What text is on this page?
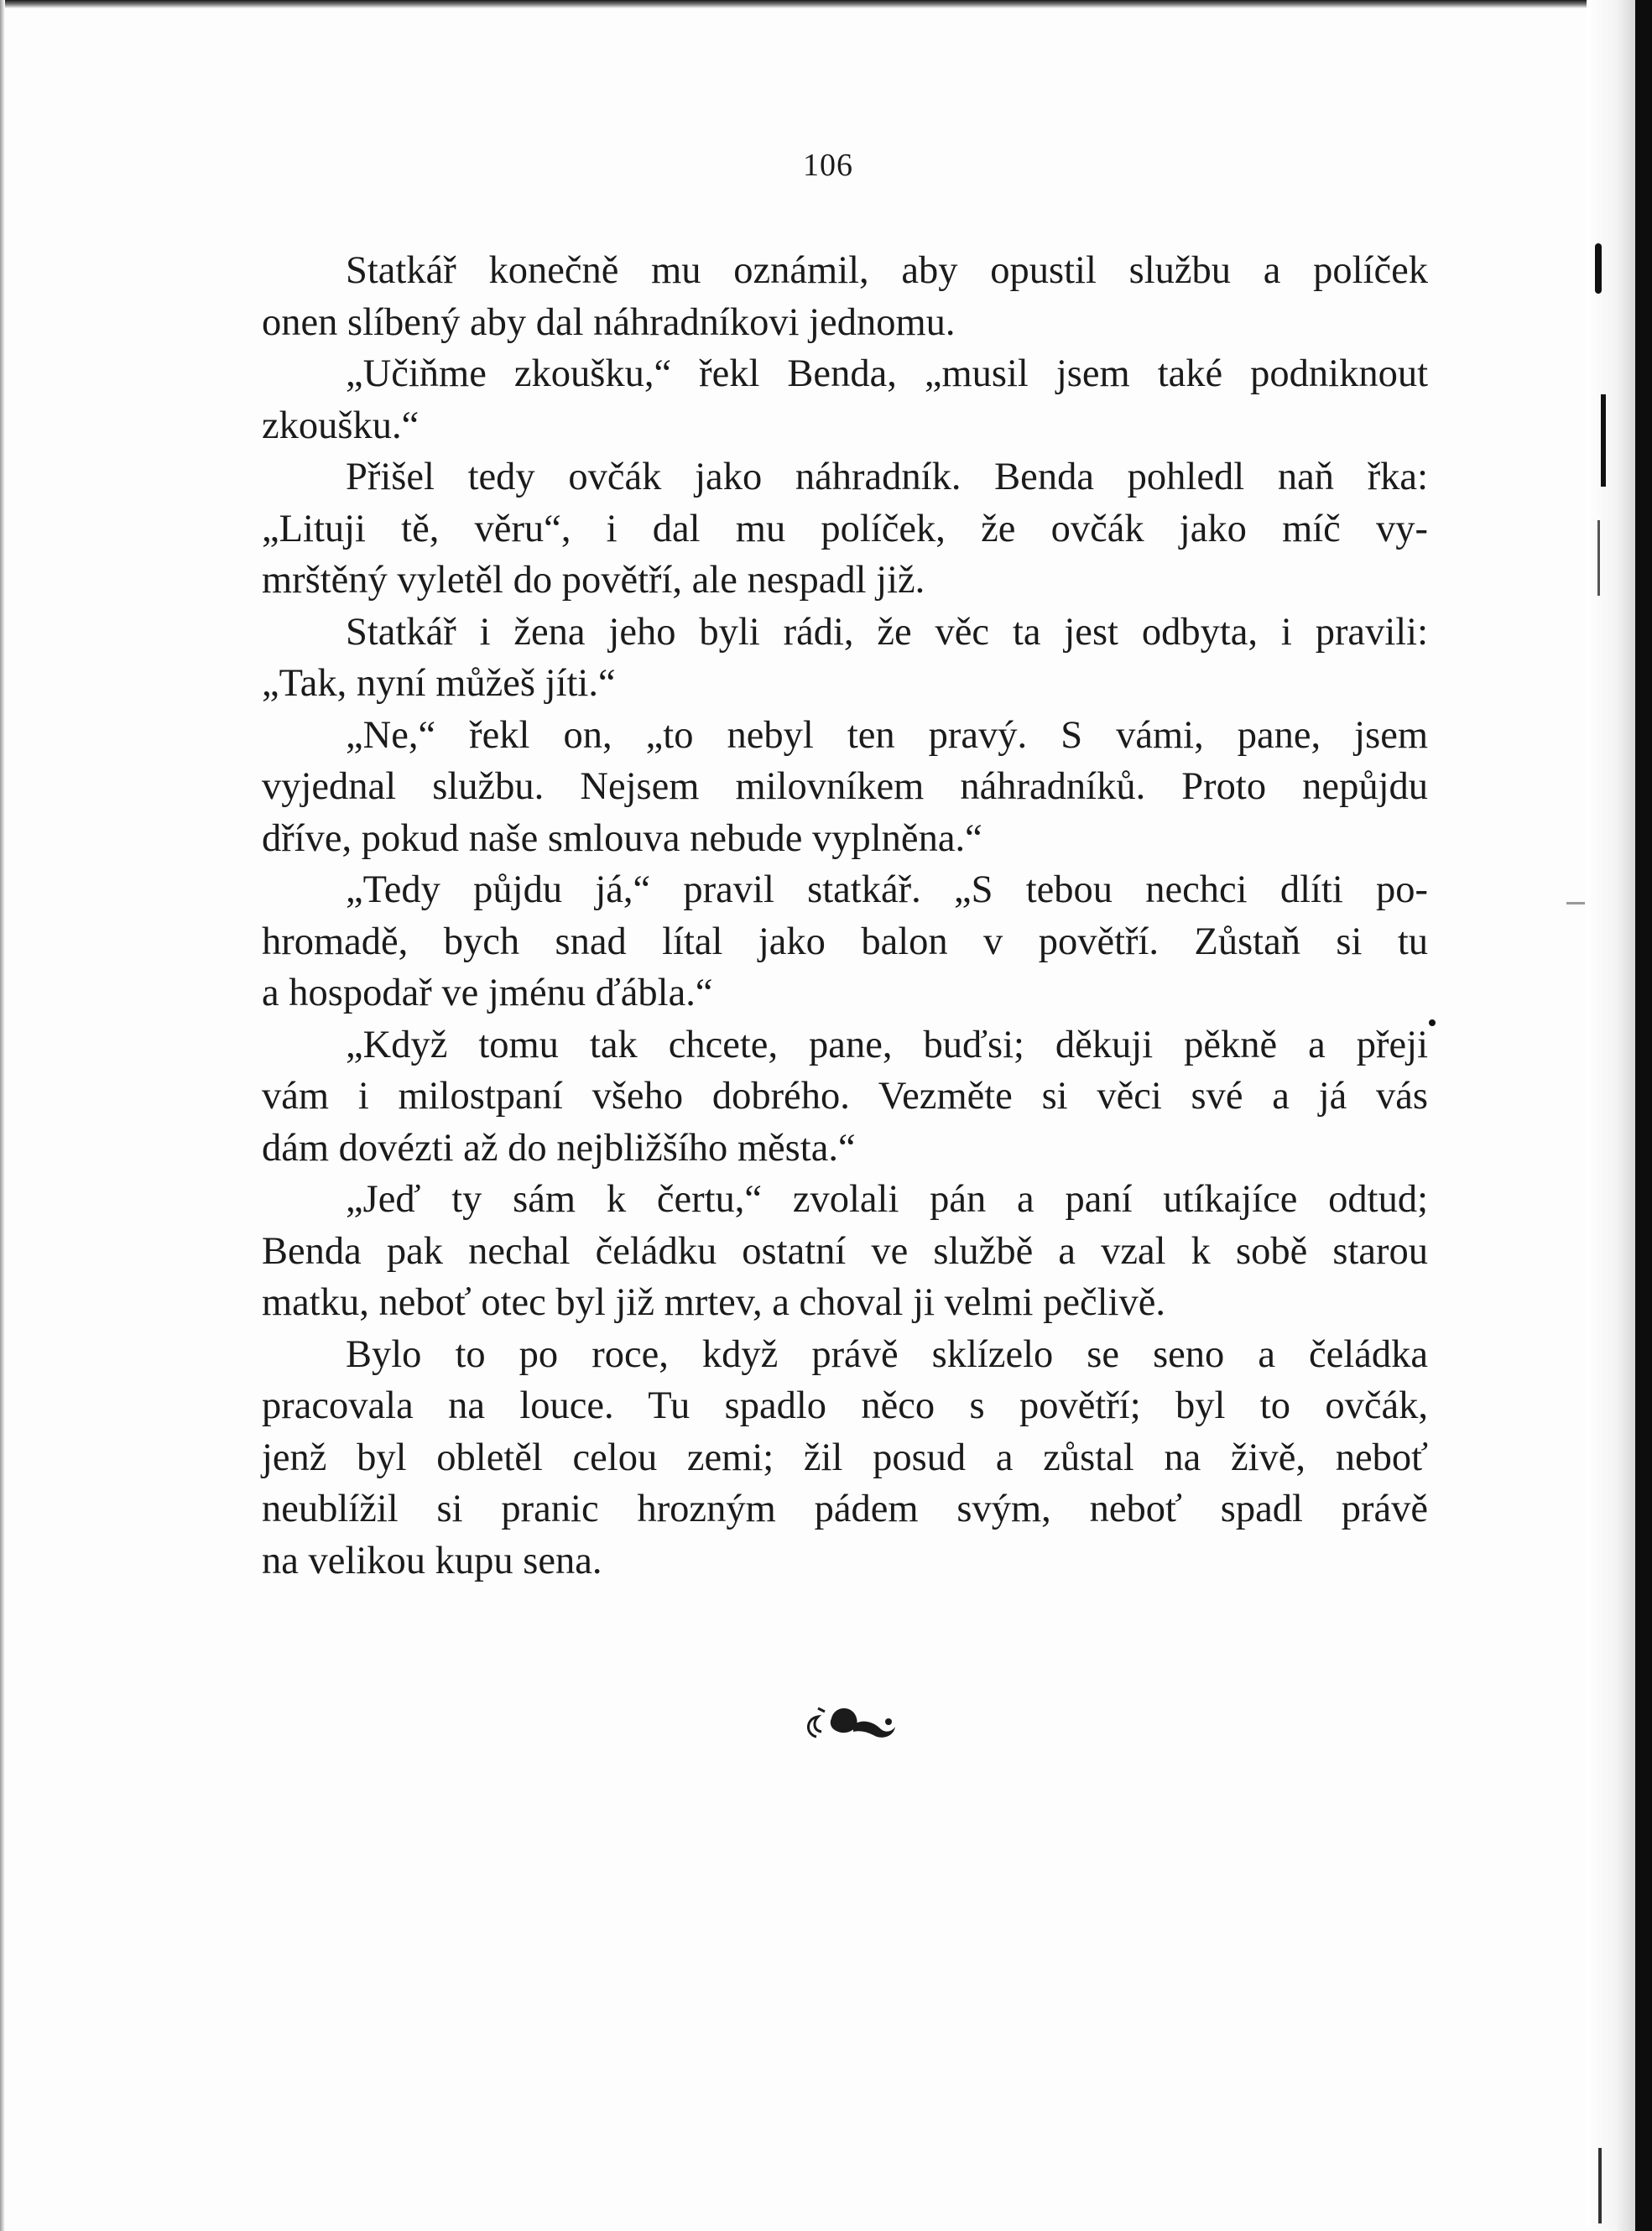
106
Statkář konečně mu oznámil, aby opustil službu a políček
onen slíbený aby dal náhradníkovi jednomu.
„Učiňme zkoušku,“ řekl Benda, „musil jsem také podniknout
zkoušku.“
Přišel tedy ovčák jako náhradník. Benda pohledl naň řka:
„Lituji tě, věru“, i dal mu políček, že ovčák jako míč vy-
mrštěný vyletěl do povětří, ale nespadl již.
Statkář i žena jeho byli rádi, že věc ta jest odbyta, i pravili:
„Tak, nyní můžeš jíti.“
„Ne,“ řekl on, „to nebyl ten pravý. S vámi, pane, jsem
vyjednal službu. Nejsem milovníkem náhradníků. Proto nepůjdu
dříve, pokud naše smlouva nebude vyplněna.“
„Tedy půjdu já,“ pravil statkář. „S tebou nechci dlíti po-
hromadě, bych snad lítal jako balon v povětří. Zůstaň si tu
a hospodař ve jménu ďábla.“
„Když tomu tak chcete, pane, buďsi; děkuji pěkně a přeji
vám i milostpaní všeho dobrého. Vezměte si věci své a já vás
dám dovézti až do nejbližšího města.“
„Jeď ty sám k čertu,“ zvolali pán a paní utíkajíce odtud;
Benda pak nechal čeládku ostatní ve službě a vzal k sobě starou
matku, neboť otec byl již mrtev, a choval ji velmi pečlivě.
Bylo to po roce, když právě sklízelo se seno a čeládka
pracovala na louce. Tu spadlo něco s povětří; byl to ovčák,
jenž byl obletěl celou zemi; žil posud a zůstal na živě, neboť
neublížil si pranic hrozným pádem svým, neboť spadl právě
na velikou kupu sena.
